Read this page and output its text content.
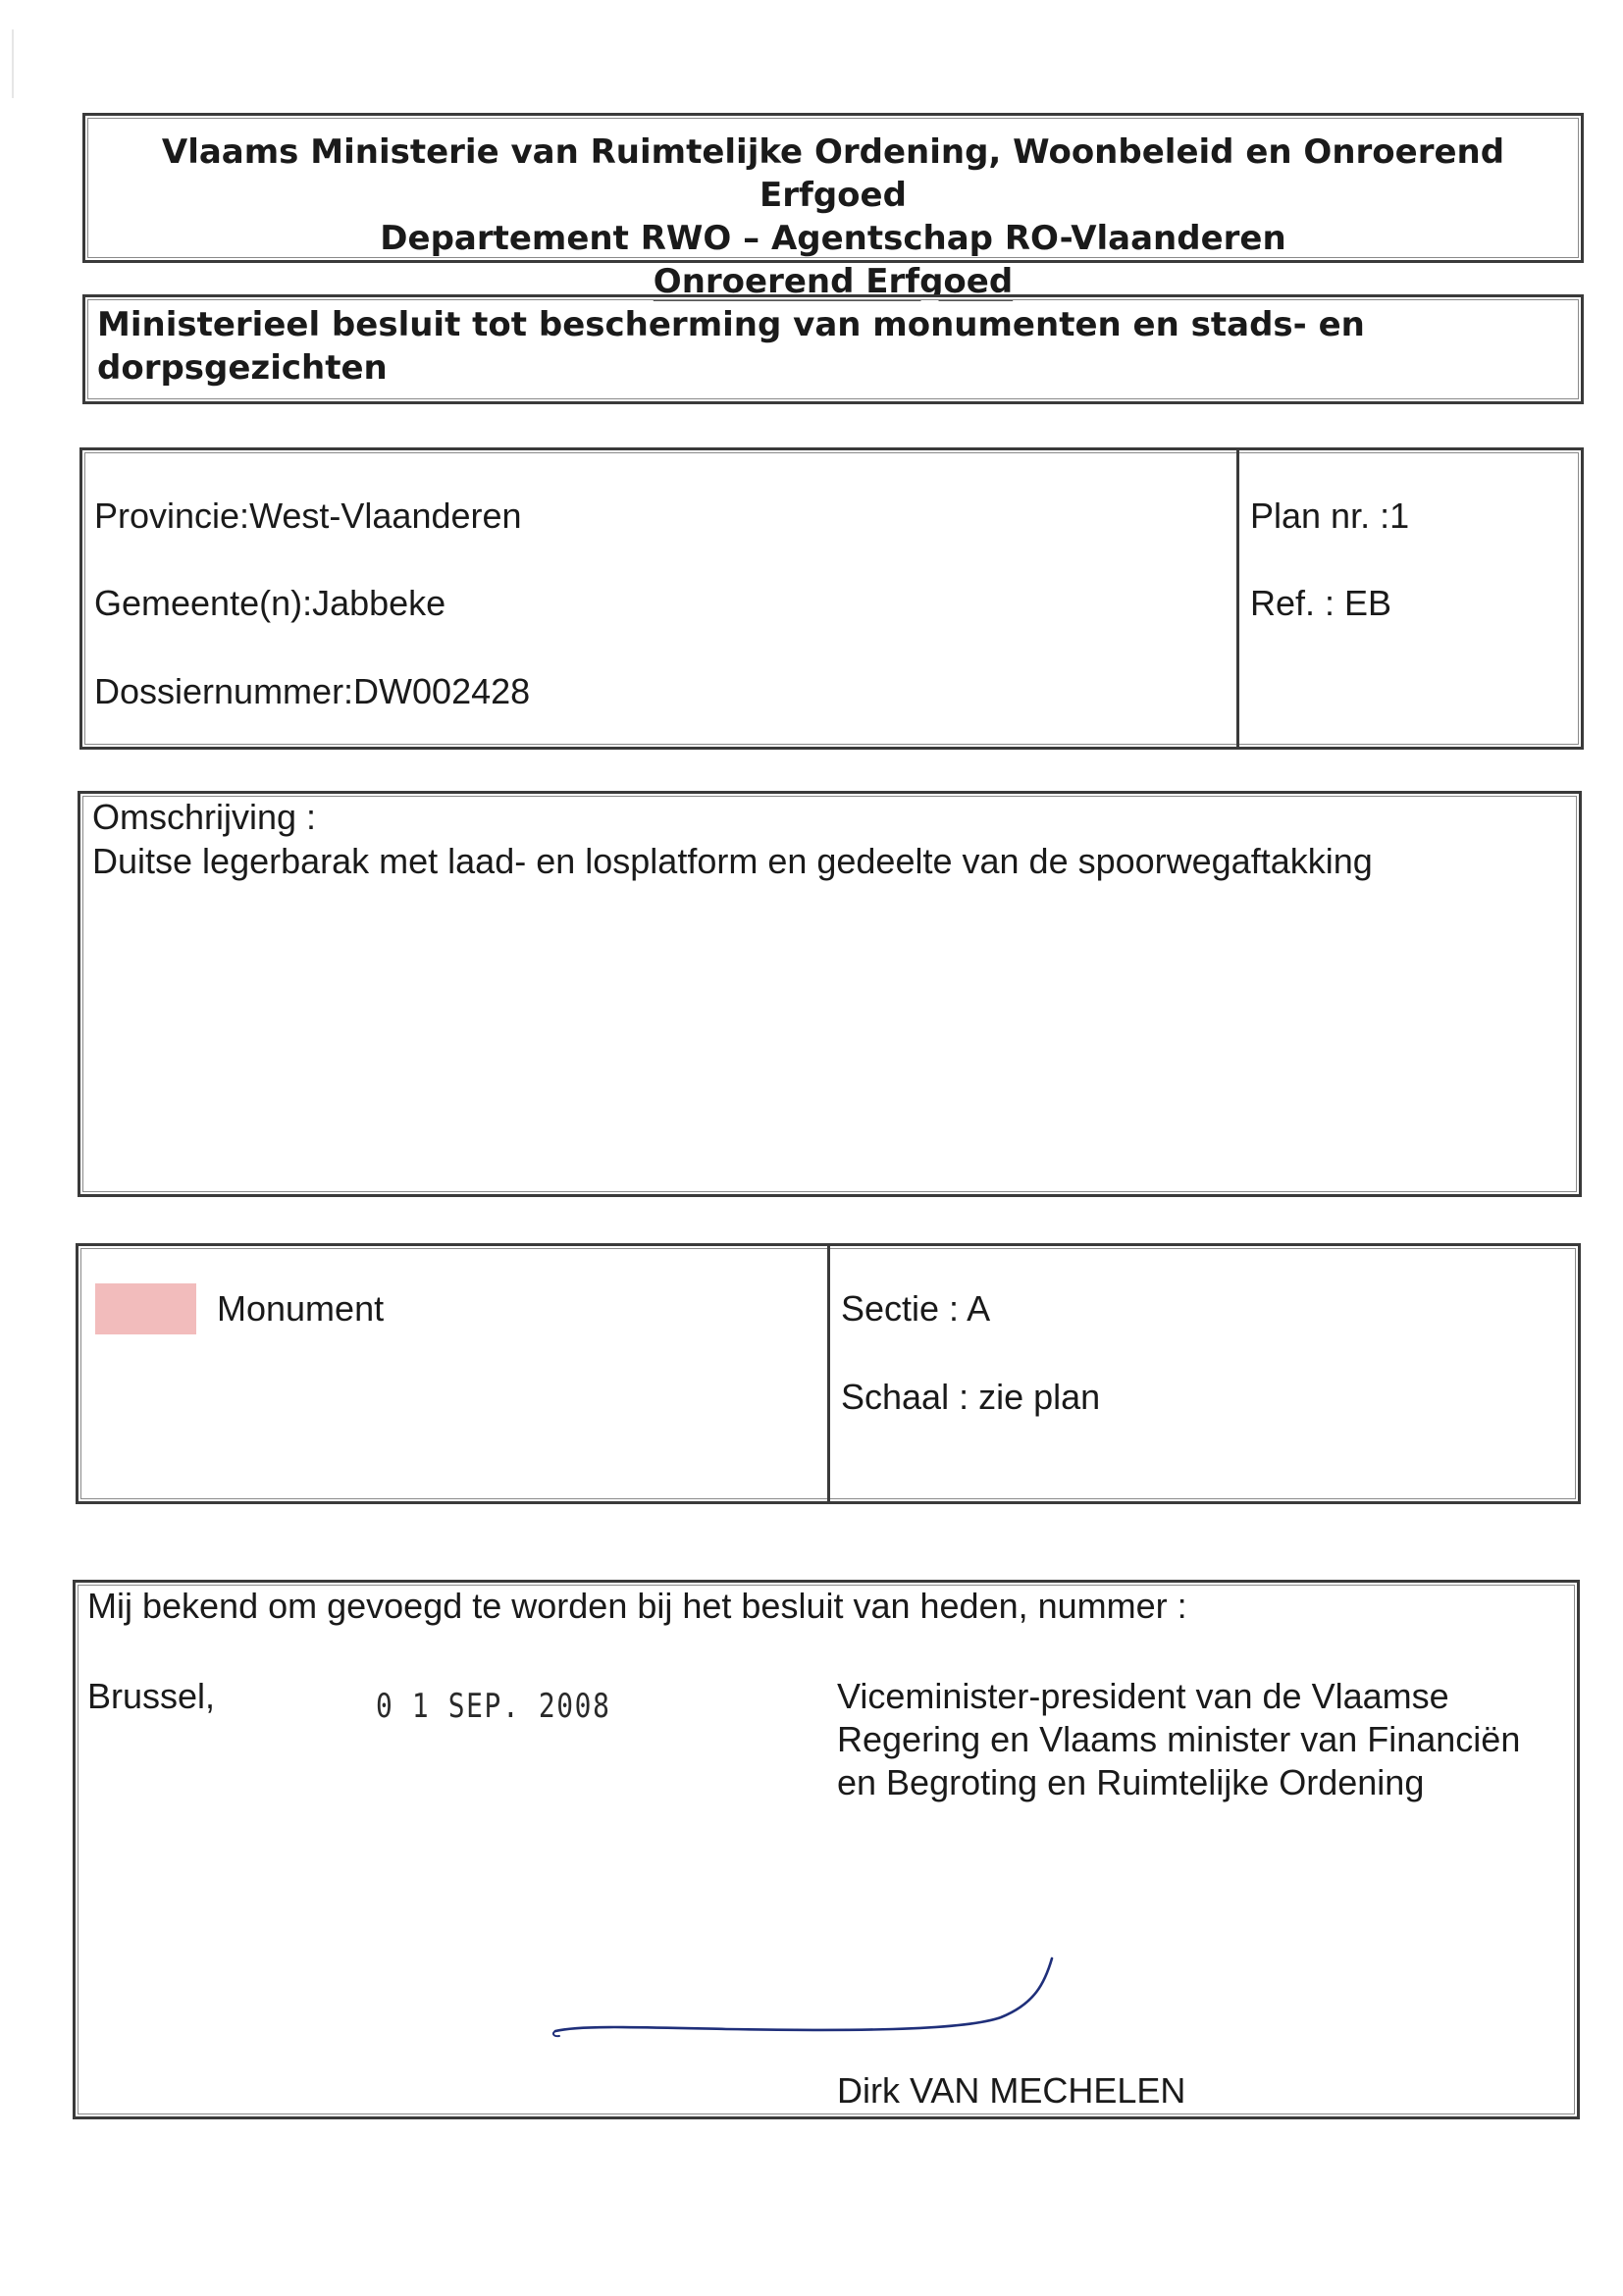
Vlaams Ministerie van Ruimtelijke Ordening, Woonbeleid en Onroerend Erfgoed
Departement RWO – Agentschap RO-Vlaanderen
Onroerend Erfgoed
Ministerieel besluit tot bescherming van monumenten en stads- en dorpsgezichten
Provincie:West-Vlaanderen
Gemeente(n):Jabbeke
Dossiernummer:DW002428
Plan nr. :1
Ref. : EB
Omschrijving :
Duitse legerbarak met laad- en losplatform en gedeelte van de spoorwegaftakking
Monument	Sectie : A
Schaal : zie plan
Mij bekend om gevoegd te worden bij het besluit van heden, nummer :
Brussel,	0 1 SEP. 2008	Viceminister-president van de Vlaamse Regering en Vlaams minister van Financiën en Begroting en Ruimtelijke Ordening
Dirk VAN MECHELEN
